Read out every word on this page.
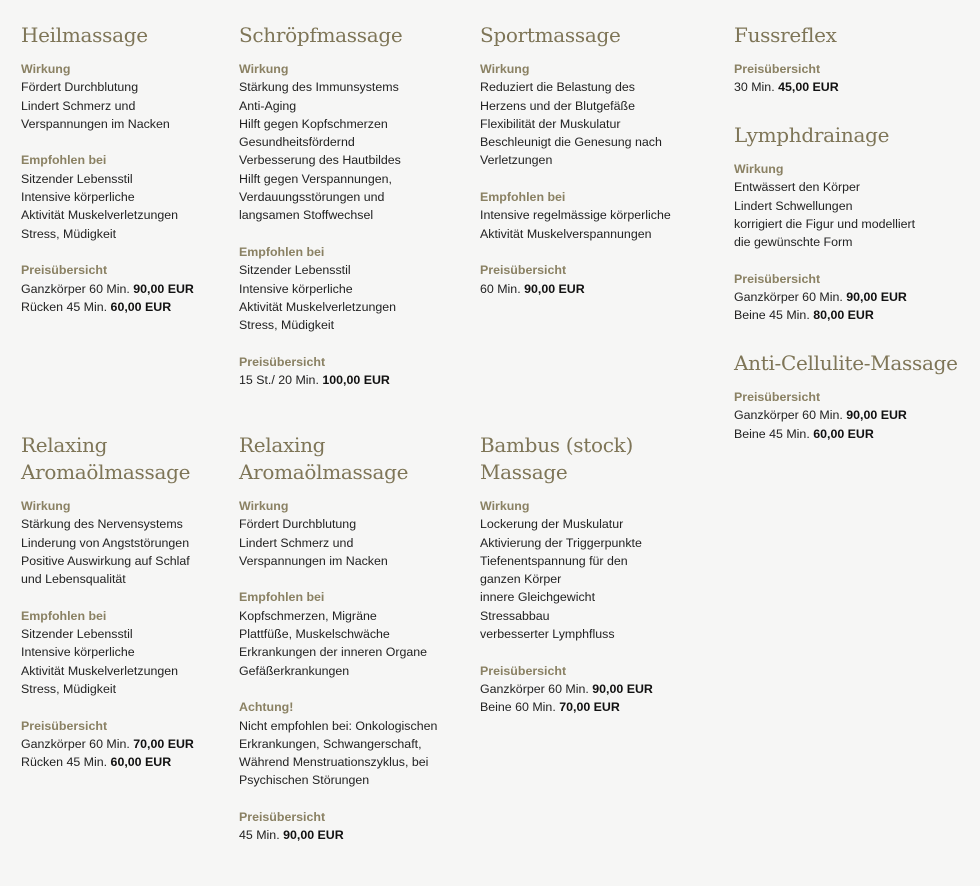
Heilmassage
Wirkung
Fördert Durchblutung
Lindert Schmerz und
Verspannungen im Nacken
Empfohlen bei
Sitzender Lebensstil
Intensive körperliche
Aktivität Muskelverletzungen
Stress, Müdigkeit
Preisübersicht
Ganzkörper 60 Min. 90,00 EUR
Rücken 45 Min. 60,00 EUR
Schröpfmassage
Wirkung
Stärkung des Immunsystems
Anti-Aging
Hilft gegen Kopfschmerzen
Gesundheitsfördernd
Verbesserung des Hautbildes
Hilft gegen Verspannungen,
Verdauungsstörungen und
langsamen Stoffwechsel
Empfohlen bei
Sitzender Lebensstil
Intensive körperliche
Aktivität Muskelverletzungen
Stress, Müdigkeit
Preisübersicht
15 St./ 20 Min. 100,00 EUR
Sportmassage
Wirkung
Reduziert die Belastung des
Herzens und der Blutgefäße
Flexibilität der Muskulatur
Beschleunigt die Genesung nach
Verletzungen
Empfohlen bei
Intensive regelmässige körperliche
Aktivität Muskelverspannungen
Preisübersicht
60 Min. 90,00 EUR
Fussreflex
Preisübersicht
30 Min. 45,00 EUR
Lymphdrainage
Wirkung
Entwässert den Körper
Lindert Schwellungen
korrigiert die Figur und modelliert
die gewünschte Form
Preisübersicht
Ganzkörper 60 Min. 90,00 EUR
Beine 45 Min. 80,00 EUR
Anti-Cellulite-Massage
Preisübersicht
Ganzkörper 60 Min. 90,00 EUR
Beine 45 Min. 60,00 EUR
Relaxing
Aromaölmassage
Wirkung
Stärkung des Nervensystems
Linderung von Angststörungen
Positive Auswirkung auf Schlaf
und Lebensqualität
Empfohlen bei
Sitzender Lebensstil
Intensive körperliche
Aktivität Muskelverletzungen
Stress, Müdigkeit
Preisübersicht
Ganzkörper 60 Min. 70,00 EUR
Rücken 45 Min. 60,00 EUR
Relaxing
Aromaölmassage
Wirkung
Fördert Durchblutung
Lindert Schmerz und
Verspannungen im Nacken
Empfohlen bei
Kopfschmerzen, Migräne
Plattfüße, Muskelschwäche
Erkrankungen der inneren Organe
Gefäßerkrankungen
Achtung!
Nicht empfohlen bei: Onkologischen
Erkrankungen, Schwangerschaft,
Während Menstruationszyklus, bei
Psychischen Störungen
Preisübersicht
45 Min. 90,00 EUR
Bambus (stock)
Massage
Wirkung
Lockerung der Muskulatur
Aktivierung der Triggerpunkte
Tiefenentspannung für den
ganzen Körper
innere Gleichgewicht
Stressabbau
verbesserter Lymphfluss
Preisübersicht
Ganzkörper 60 Min. 90,00 EUR
Beine 60 Min. 70,00 EUR
